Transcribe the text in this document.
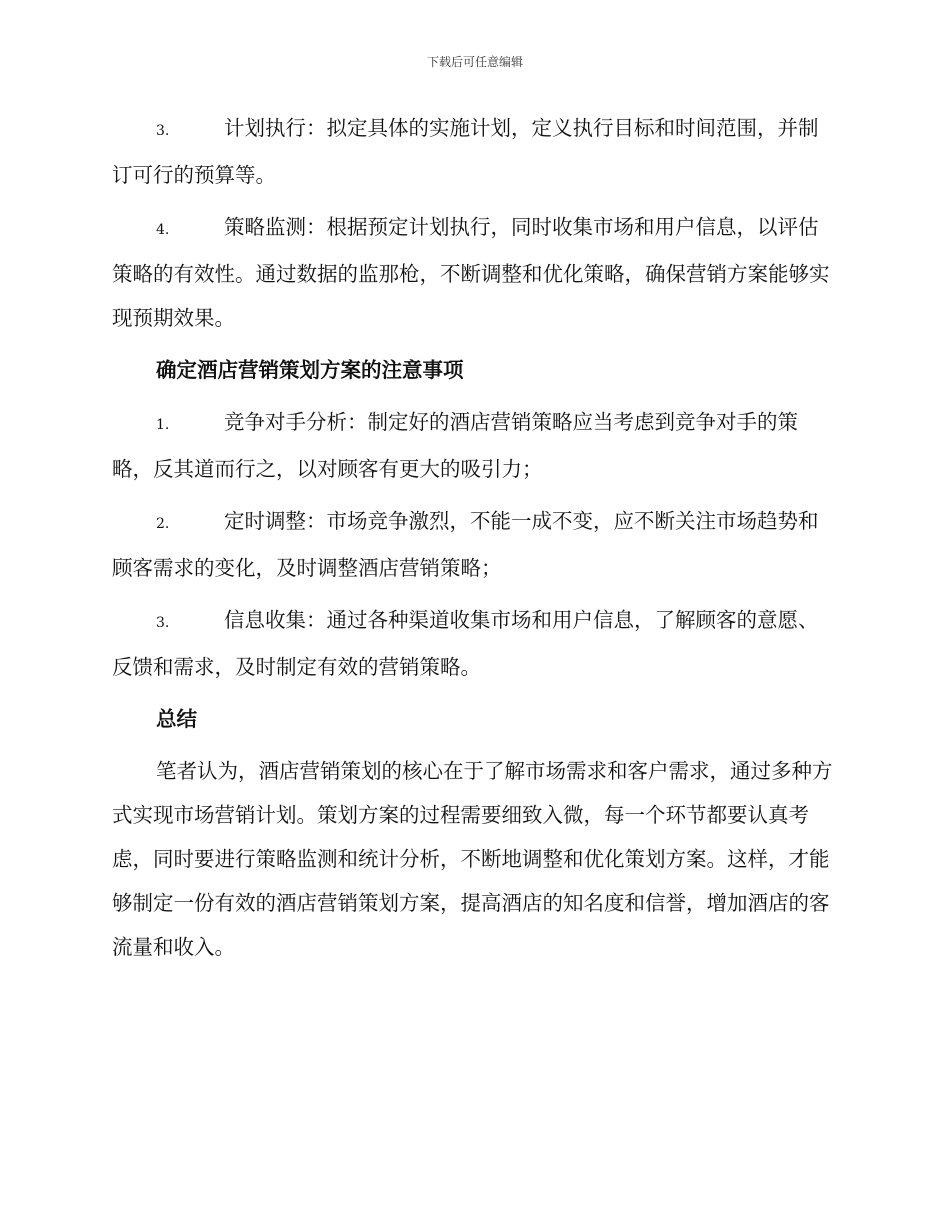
下载后可任意编辑

3.	计划执行：拟定具体的实施计划，定义执行目标和时间范围，并制订可行的预算等。

4.	策略监测：根据预定计划执行，同时收集市场和用户信息，以评估策略的有效性。通过数据的监那枪，不断调整和优化策略，确保营销方案能够实现预期效果。

确定酒店营销策划方案的注意事项

1.	竞争对手分析：制定好的酒店营销策略应当考虑到竞争对手的策略，反其道而行之，以对顾客有更大的吸引力；

2.	定时调整：市场竞争激烈，不能一成不变，应不断关注市场趋势和顾客需求的变化，及时调整酒店营销策略；

3.	信息收集：通过各种渠道收集市场和用户信息，了解顾客的意愿、反馈和需求，及时制定有效的营销策略。

总结

笔者认为，酒店营销策划的核心在于了解市场需求和客户需求，通过多种方式实现市场营销计划。策划方案的过程需要细致入微，每一个环节都要认真考虑，同时要进行策略监测和统计分析，不断地调整和优化策划方案。这样，才能够制定一份有效的酒店营销策划方案，提高酒店的知名度和信誉，增加酒店的客流量和收入。
